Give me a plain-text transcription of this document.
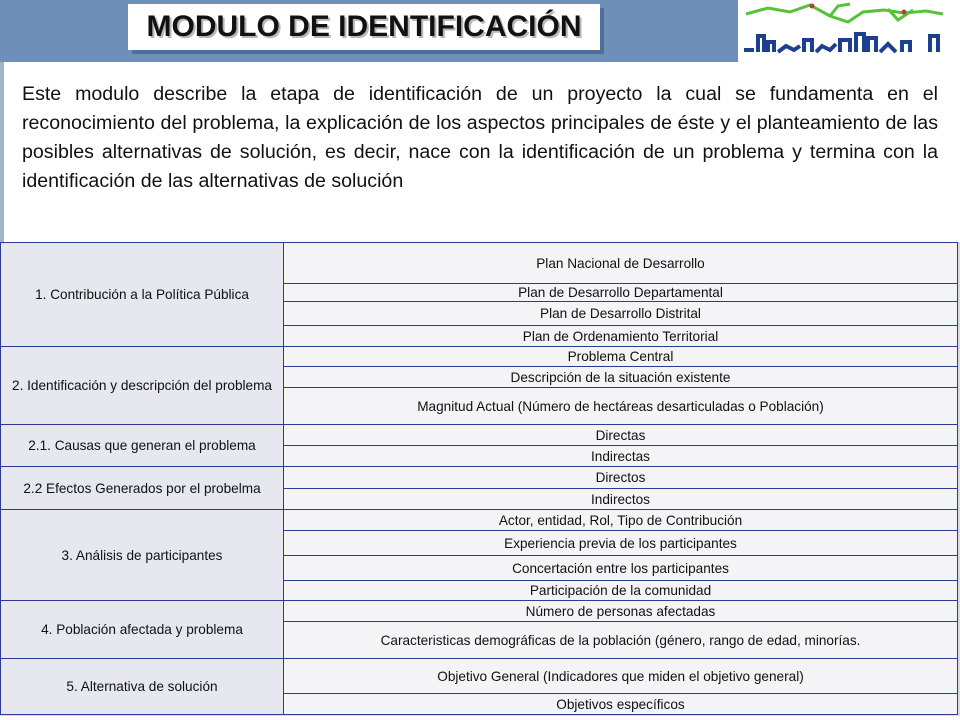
MODULO DE IDENTIFICACIÓN
Este modulo describe la etapa de identificación de un proyecto la cual se fundamenta en el reconocimiento del problema, la explicación de los aspectos principales de éste y el planteamiento de las posibles alternativas de solución, es decir, nace con la identificación de un problema y termina con la identificación de las alternativas de solución
1. Contribución a la Política Pública	Plan Nacional de Desarrollo
	Plan de Desarrollo Departamental
	Plan de Desarrollo Distrital
	Plan de Ordenamiento Territorial
2. Identificación y descripción del problema	Problema Central
	Descripción de la situación existente
	Magnitud Actual (Número de hectáreas desarticuladas o Población)
2.1. Causas que generan el problema	Directas
	Indirectas
2.2 Efectos Generados por el probelma	Directos
	Indirectos
3. Análisis de participantes	Actor, entidad, Rol, Tipo de Contribución
	Experiencia previa de los participantes
	Concertación entre los participantes
	Participación de la comunidad
4. Población afectada y problema	Número de personas afectadas
	Caracteristicas demográficas de la población (género, rango de edad, minorías.
5. Alternativa de solución	Objetivo General (Indicadores que miden el objetivo general)
	Objetivos específicos
